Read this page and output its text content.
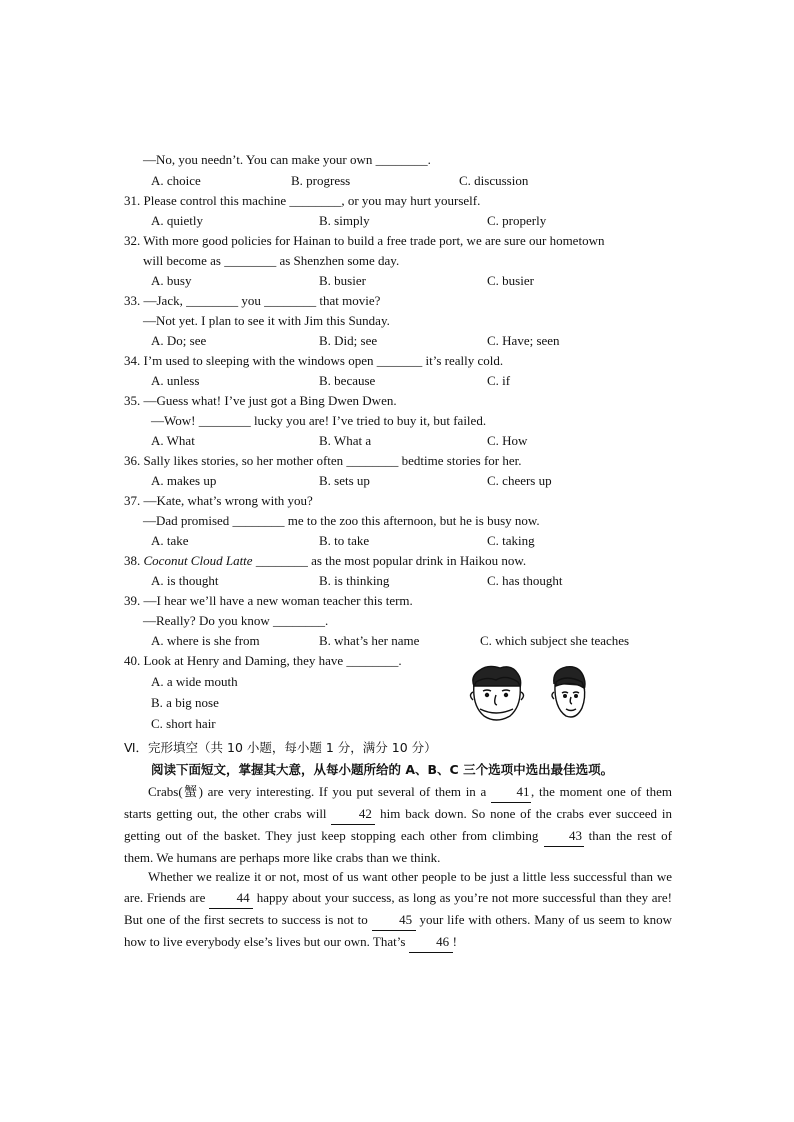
—No, you needn’t. You can make your own ________.
A. choice	B. progress	C. discussion
31. Please control this machine ________, or you may hurt yourself.
A. quietly	B. simply	C. properly
32. With more good policies for Hainan to build a free trade port, we are sure our hometown
will become as ________ as Shenzhen some day.
A. busy	B. busier	C. busier
33. —Jack, ________ you ________ that movie?
—Not yet. I plan to see it with Jim this Sunday.
A. Do; see	B. Did; see	C. Have; seen
34. I’m used to sleeping with the windows open _______ it’s really cold.
A. unless	B. because	C. if
35. —Guess what! I’ve just got a Bing Dwen Dwen.
—Wow! ________ lucky you are! I’ve tried to buy it, but failed.
A. What	B. What a	C. How
36. Sally likes stories, so her mother often ________ bedtime stories for her.
A. makes up	B. sets up	C. cheers up
37. —Kate, what’s wrong with you?
—Dad promised ________ me to the zoo this afternoon, but he is busy now.
A. take	B. to take	C. taking
38. Coconut Cloud Latte ________ as the most popular drink in Haikou now.
A. is thought	B. is thinking	C. has thought
39. —I hear we’ll have a new woman teacher this term.
—Really? Do you know ________.
A. where is she from	B. what’s her name	C. which subject she teaches
40. Look at Henry and Daming, they have ________.
A. a wide mouth
B. a big nose
C. short hair
Ⅵ．完形填空（共 10 小题，每小题 1 分，满分 10 分）
阅读下面短文，掌握其大意，从每小题所给的 A、B、C 三个选项中选出最佳选项。
Crabs(蟹) are very interesting. If you put several of them in a 41 , the moment one of them starts getting out, the other crabs will 42 him back down. So none of the crabs ever succeed in getting out of the basket. They just keep stopping each other from climbing 43 than the rest of them. We humans are perhaps more like crabs than we think.
Whether we realize it or not, most of us want other people to be just a little less successful than we are. Friends are 44 happy about your success, as long as you’re not more successful than they are! But one of the first secrets to success is not to 45 your life with others. Many of us seem to know how to live everybody else’s lives but our own. That’s 46 !
